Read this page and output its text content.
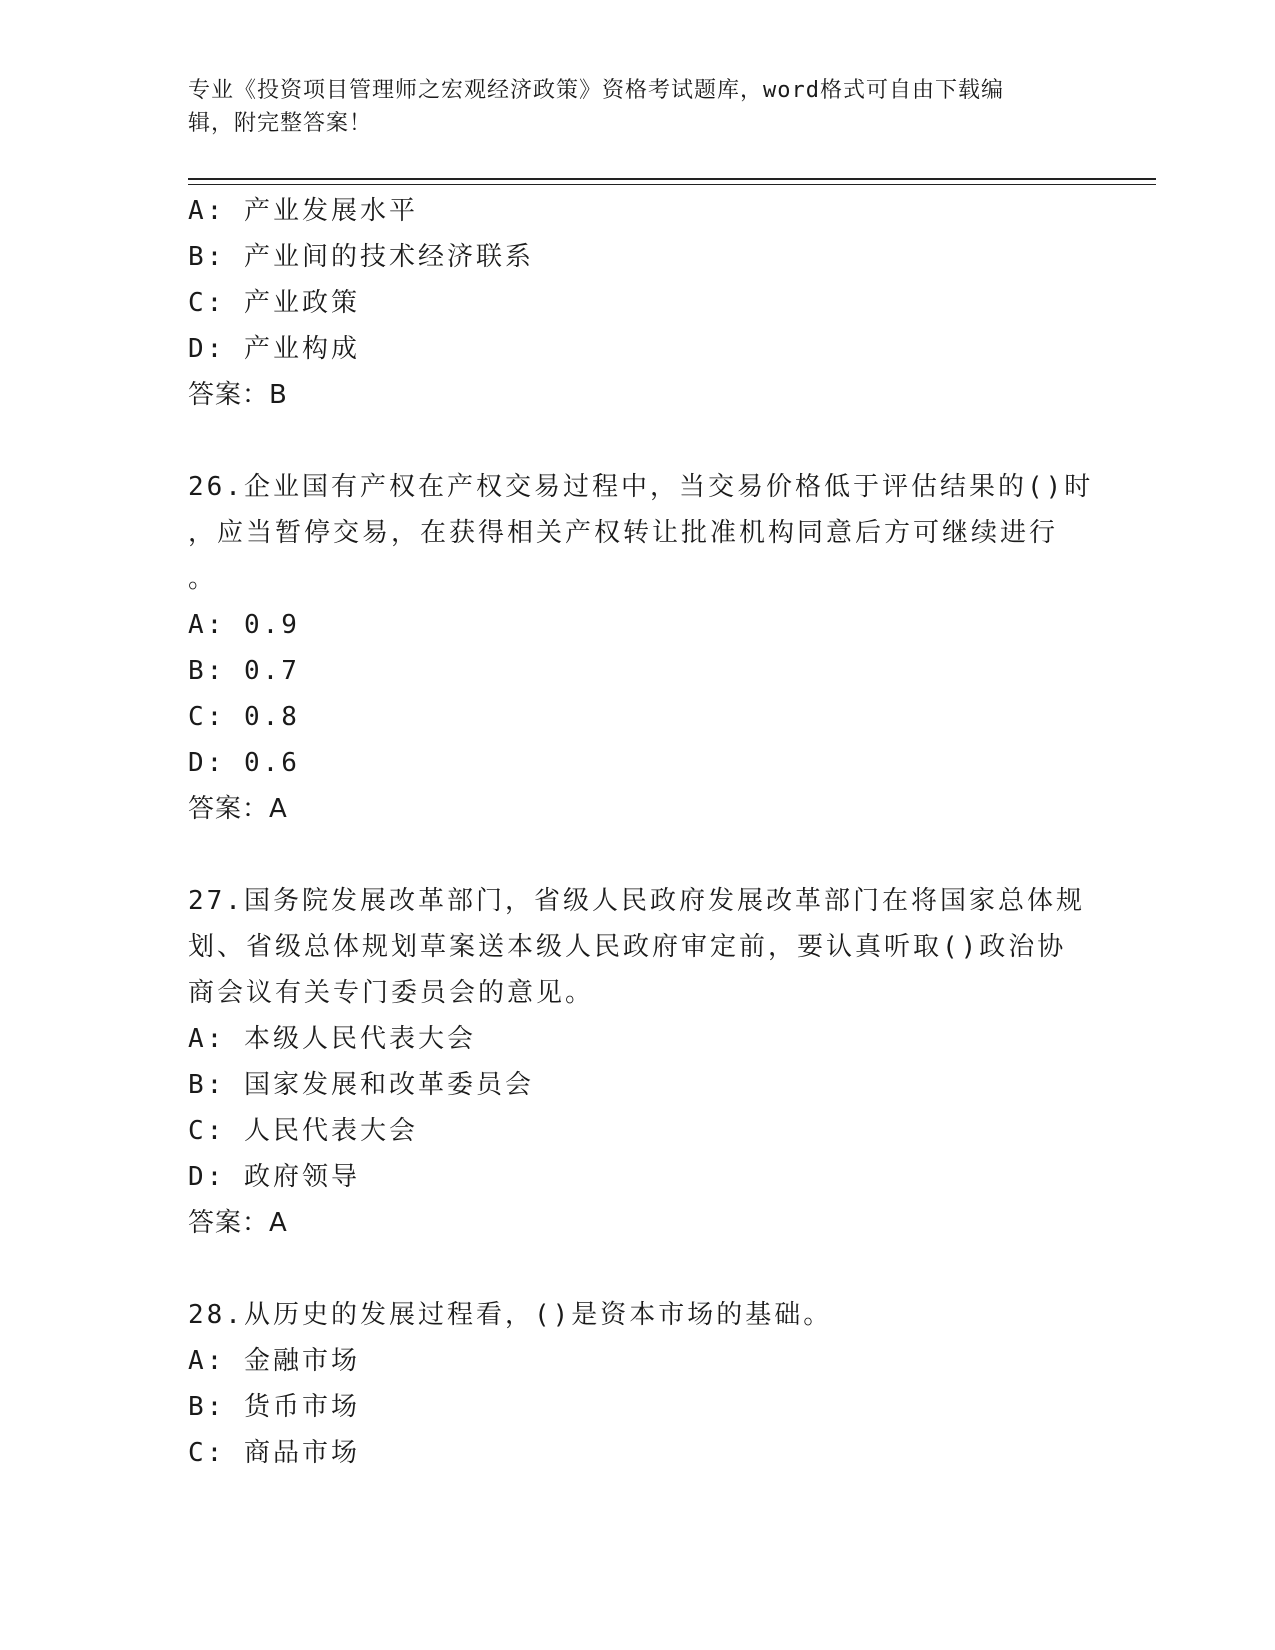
专业《投资项目管理师之宏观经济政策》资格考试题库，word格式可自由下载编
辑，附完整答案！
A: 产业发展水平
B: 产业间的技术经济联系
C: 产业政策
D: 产业构成
答案：B
26.企业国有产权在产权交易过程中，当交易价格低于评估结果的()时
，应当暂停交易，在获得相关产权转让批准机构同意后方可继续进行
。
A: 0.9
B: 0.7
C: 0.8
D: 0.6
答案：A
27.国务院发展改革部门，省级人民政府发展改革部门在将国家总体规
划、省级总体规划草案送本级人民政府审定前，要认真听取()政治协
商会议有关专门委员会的意见。
A: 本级人民代表大会
B: 国家发展和改革委员会
C: 人民代表大会
D: 政府领导
答案：A
28.从历史的发展过程看，()是资本市场的基础。
A: 金融市场
B: 货币市场
C: 商品市场
